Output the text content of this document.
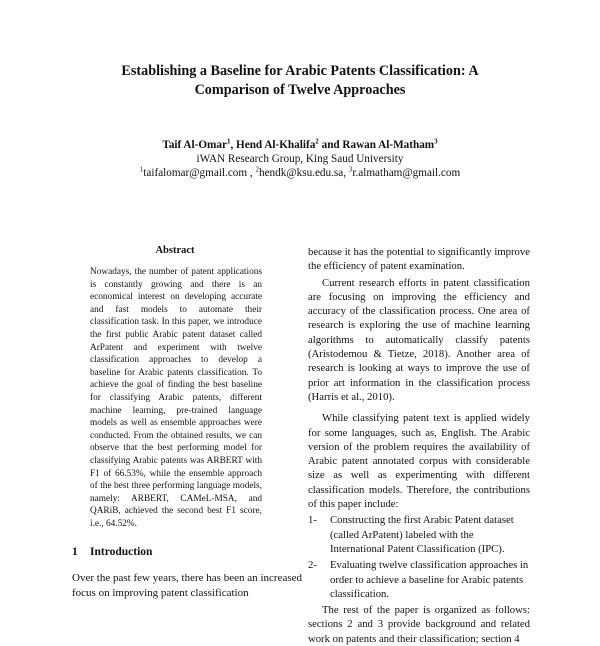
Establishing a Baseline for Arabic Patents Classification: A
Comparison of Twelve Approaches
Taif Al-Omar$^1$, Hend Al-Khalifa$^2$ and Rawan Al-Matham$^3$
iWAN Research Group, King Saud University
$^1$taifalomar@gmail.com , $^2$hendk@ksu.edu.sa, $^3$r.almatham@gmail.com
Abstract
Nowadays, the number of patent applications is constantly growing and there is an economical interest on developing accurate and fast models to automate their classification task. In this paper, we introduce the first public Arabic patent dataset called ArPatent and experiment with twelve classification approaches to develop a baseline for Arabic patents classification. To achieve the goal of finding the best baseline for classifying Arabic patents, different machine learning, pre-trained language models as well as ensemble approaches were conducted. From the obtained results, we can observe that the best performing model for classifying Arabic patents was ARBERT with F1 of 66.53%, while the ensemble approach of the best three performing language models, namely: ARBERT, CAMeL-MSA, and QARiB, achieved the second best F1 score, i.e., 64.52%.
1 Introduction
Over the past few years, there has been an increased focus on improving patent classification

because it has the potential to significantly improve the efficiency of patent examination.

Current research efforts in patent classification are focusing on improving the efficiency and accuracy of the classification process. One area of research is exploring the use of machine learning algorithms to automatically classify patents (Aristodemou & Tietze, 2018). Another area of research is looking at ways to improve the use of prior art information in the classification process (Harris et al., 2010).

While classifying patent text is applied widely for some languages, such as, English. The Arabic version of the problem requires the availability of Arabic patent annotated corpus with considerable size as well as experimenting with different classification models. Therefore, the contributions of this paper include:

1-	Constructing the first Arabic Patent dataset (called ArPatent) labeled with the International Patent Classification (IPC).
2-	Evaluating twelve classification approaches in order to achieve a baseline for Arabic patents classification.

The rest of the paper is organized as follows: sections 2 and 3 provide background and related work on patents and their classification; section 4
